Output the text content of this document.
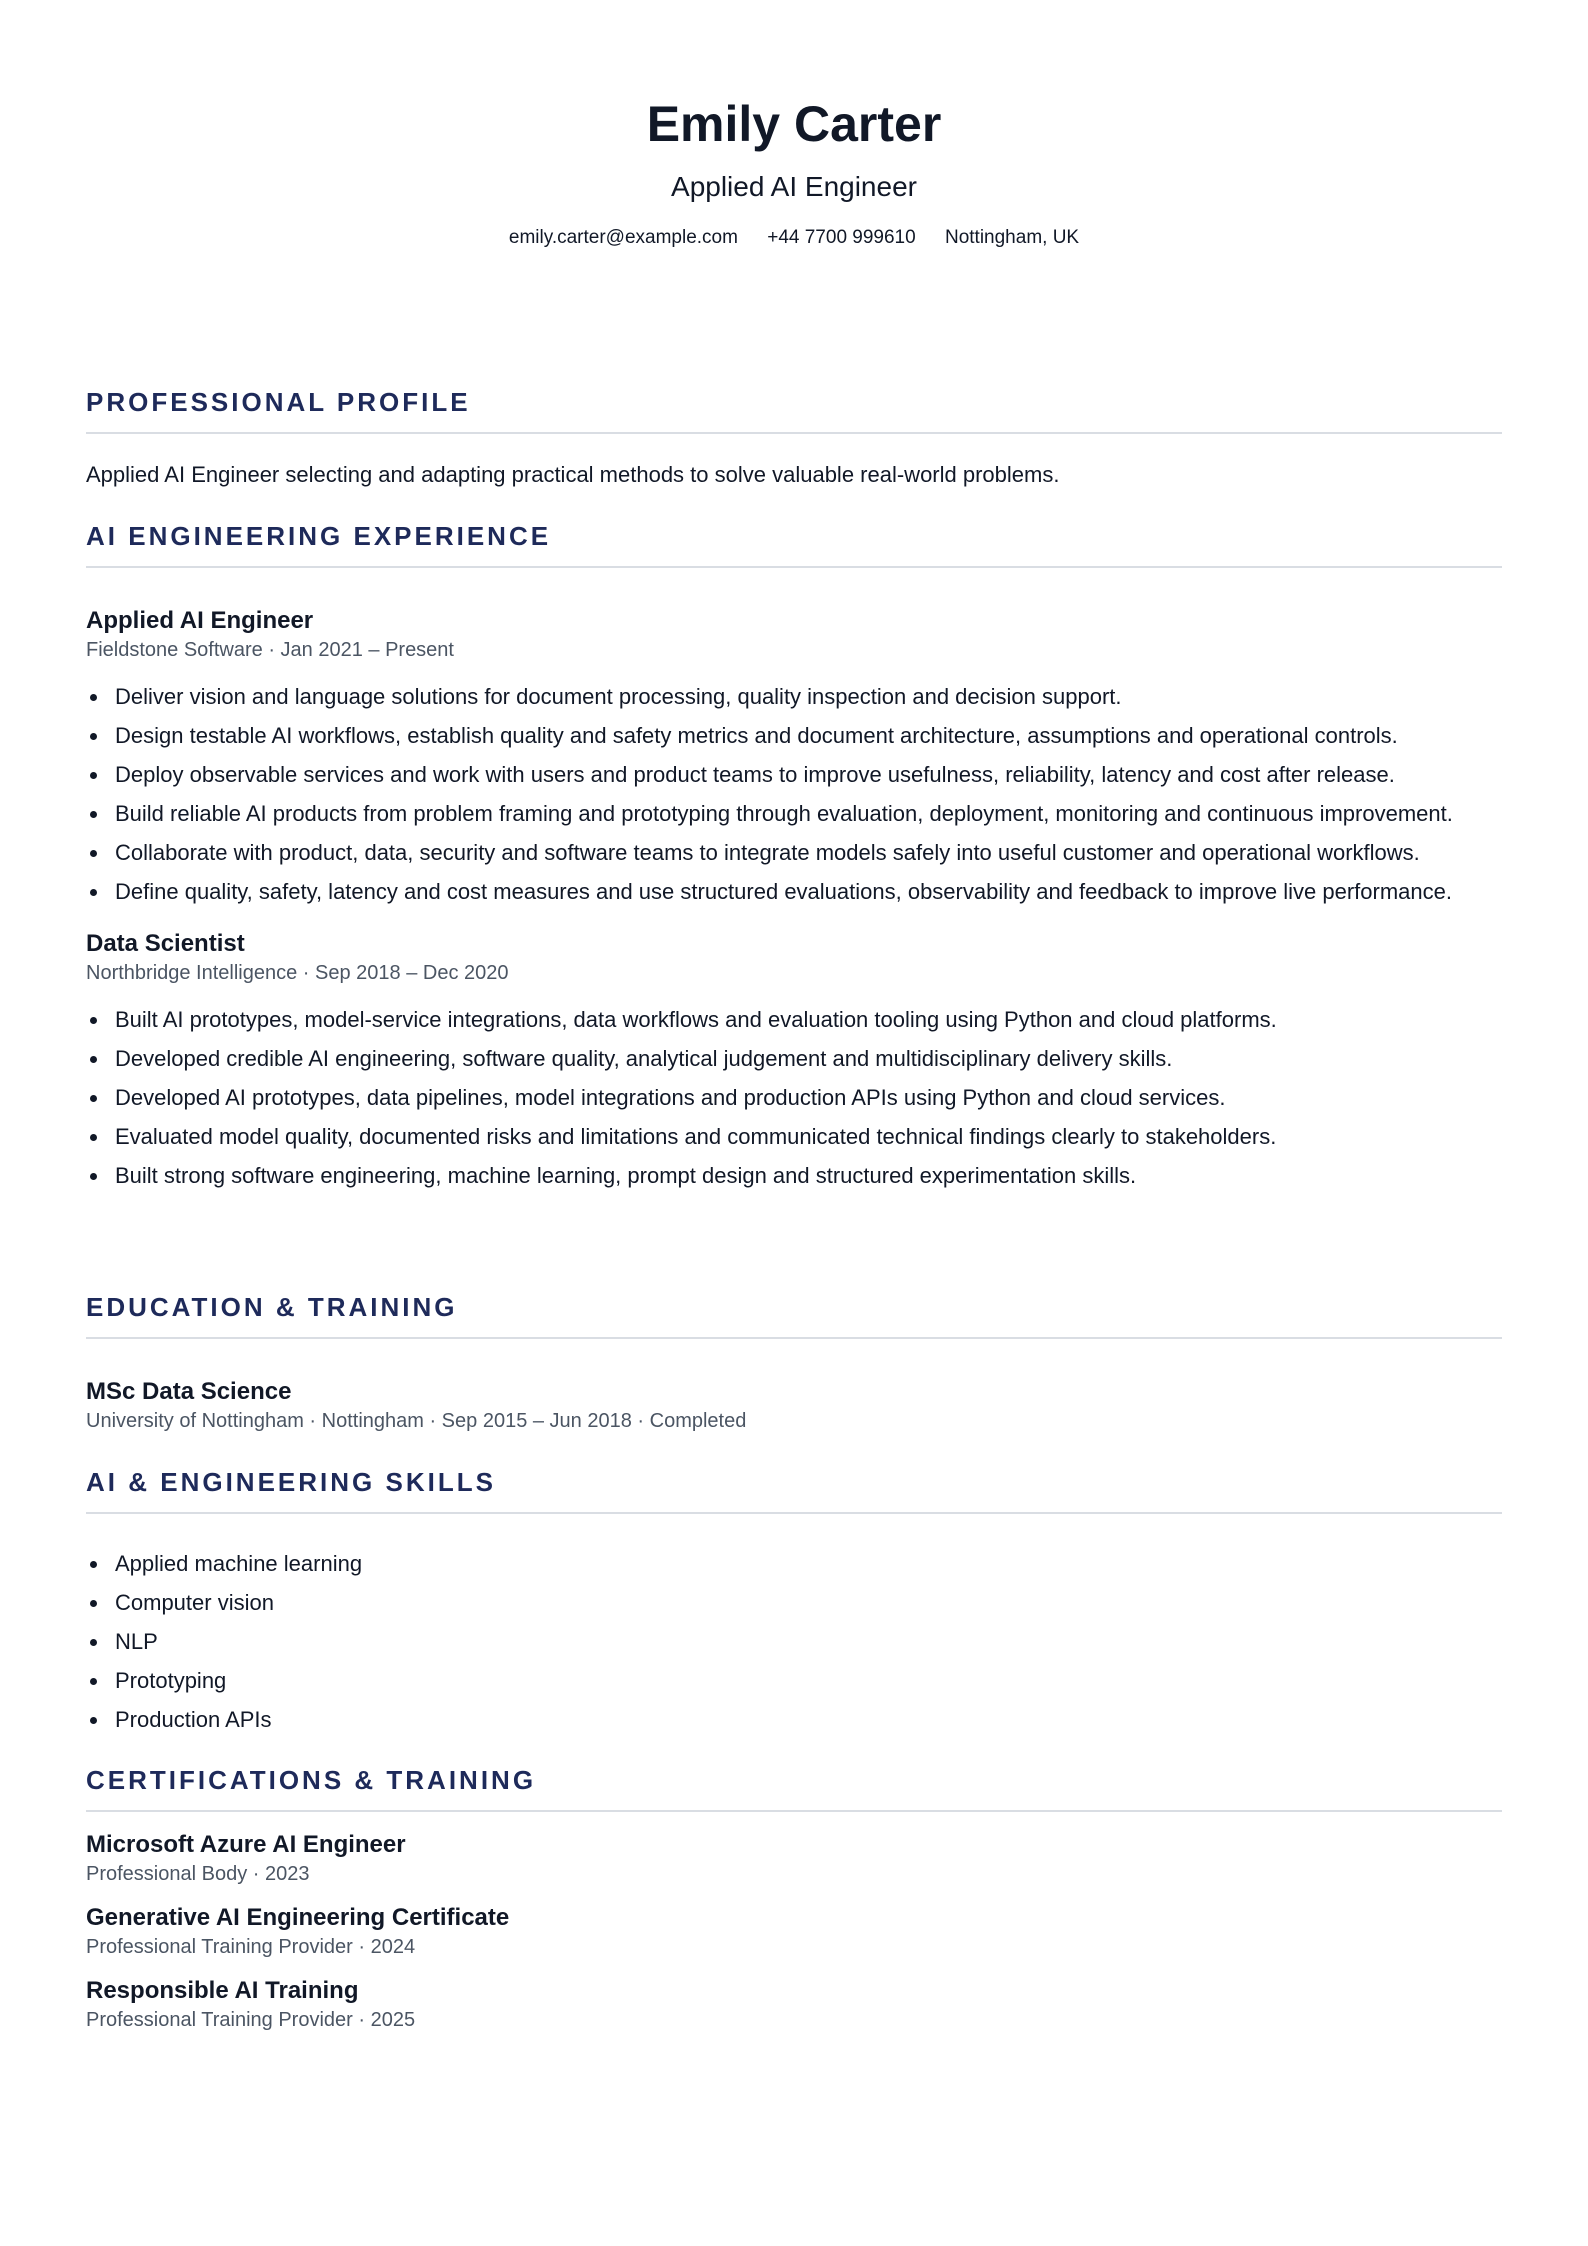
Emily Carter
Applied AI Engineer
emily.carter@example.com +44 7700 999610 Nottingham, UK
PROFESSIONAL PROFILE
Applied AI Engineer selecting and adapting practical methods to solve valuable real-world problems.
AI ENGINEERING EXPERIENCE
Applied AI Engineer
Fieldstone Software · Jan 2021 – Present
Deliver vision and language solutions for document processing, quality inspection and decision support.
Design testable AI workflows, establish quality and safety metrics and document architecture, assumptions and operational controls.
Deploy observable services and work with users and product teams to improve usefulness, reliability, latency and cost after release.
Build reliable AI products from problem framing and prototyping through evaluation, deployment, monitoring and continuous improvement.
Collaborate with product, data, security and software teams to integrate models safely into useful customer and operational workflows.
Define quality, safety, latency and cost measures and use structured evaluations, observability and feedback to improve live performance.
Data Scientist
Northbridge Intelligence · Sep 2018 – Dec 2020
Built AI prototypes, model-service integrations, data workflows and evaluation tooling using Python and cloud platforms.
Developed credible AI engineering, software quality, analytical judgement and multidisciplinary delivery skills.
Developed AI prototypes, data pipelines, model integrations and production APIs using Python and cloud services.
Evaluated model quality, documented risks and limitations and communicated technical findings clearly to stakeholders.
Built strong software engineering, machine learning, prompt design and structured experimentation skills.
EDUCATION & TRAINING
MSc Data Science
University of Nottingham · Nottingham · Sep 2015 – Jun 2018 · Completed
AI & ENGINEERING SKILLS
Applied machine learning
Computer vision
NLP
Prototyping
Production APIs
CERTIFICATIONS & TRAINING
Microsoft Azure AI Engineer
Professional Body · 2023
Generative AI Engineering Certificate
Professional Training Provider · 2024
Responsible AI Training
Professional Training Provider · 2025
